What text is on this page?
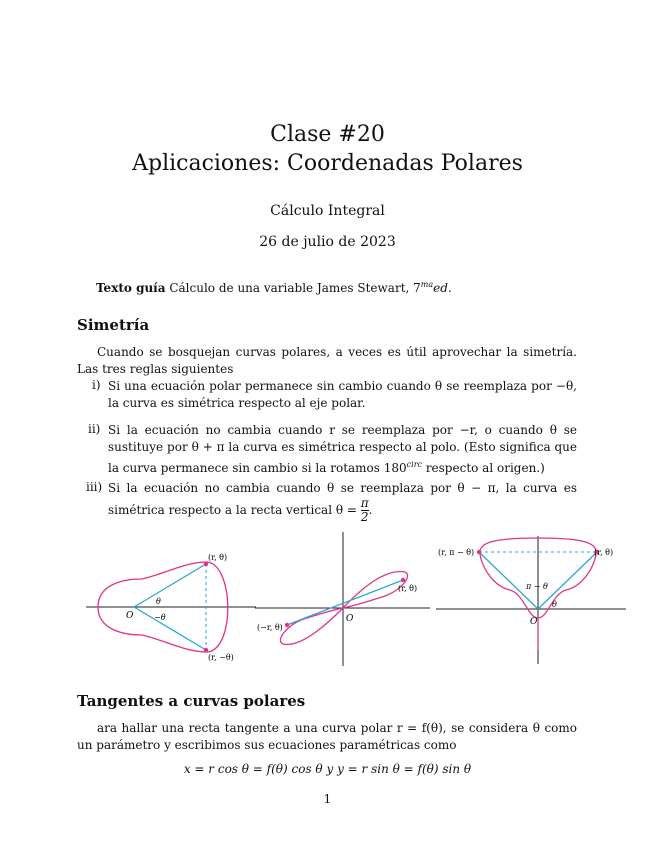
Clase #20
Aplicaciones: Coordenadas Polares
Cálculo Integral
26 de julio de 2023
Texto guía Cálculo de una variable James Stewart, $7^{ma}ed$.
Simetría
Cuando se bosquejan curvas polares, a veces es útil aprovechar la simetría. Las tres reglas siguientes
i) Si una ecuación polar permanece sin cambio cuando θ se reemplaza por −θ, la curva es simétrica respecto al eje polar.
ii) Si la ecuación no cambia cuando r se reemplaza por −r, o cuando θ se sustituye por θ + π la curva es simétrica respecto al polo. (Esto significa que la curva permanece sin cambio si la rotamos $180^{circ}$ respecto al origen.)
iii) Si la ecuación no cambia cuando θ se reemplaza por θ − π, la curva es simétrica respecto a la recta vertical $\theta = \frac{\pi}{2}$ .
(r, θ)
(r, −θ)
O
θ
−θ
(r, θ)
(−r, θ)
O
(r, π − θ)	(r, θ)
O
π − θ
θ
Tangentes a curvas polares
ara hallar una recta tangente a una curva polar r = f(θ), se considera θ como un parámetro y escribimos sus ecuaciones paramétricas como
x = r cos θ = f(θ) cos θ y y = r sin θ = f(θ) sin θ
1
